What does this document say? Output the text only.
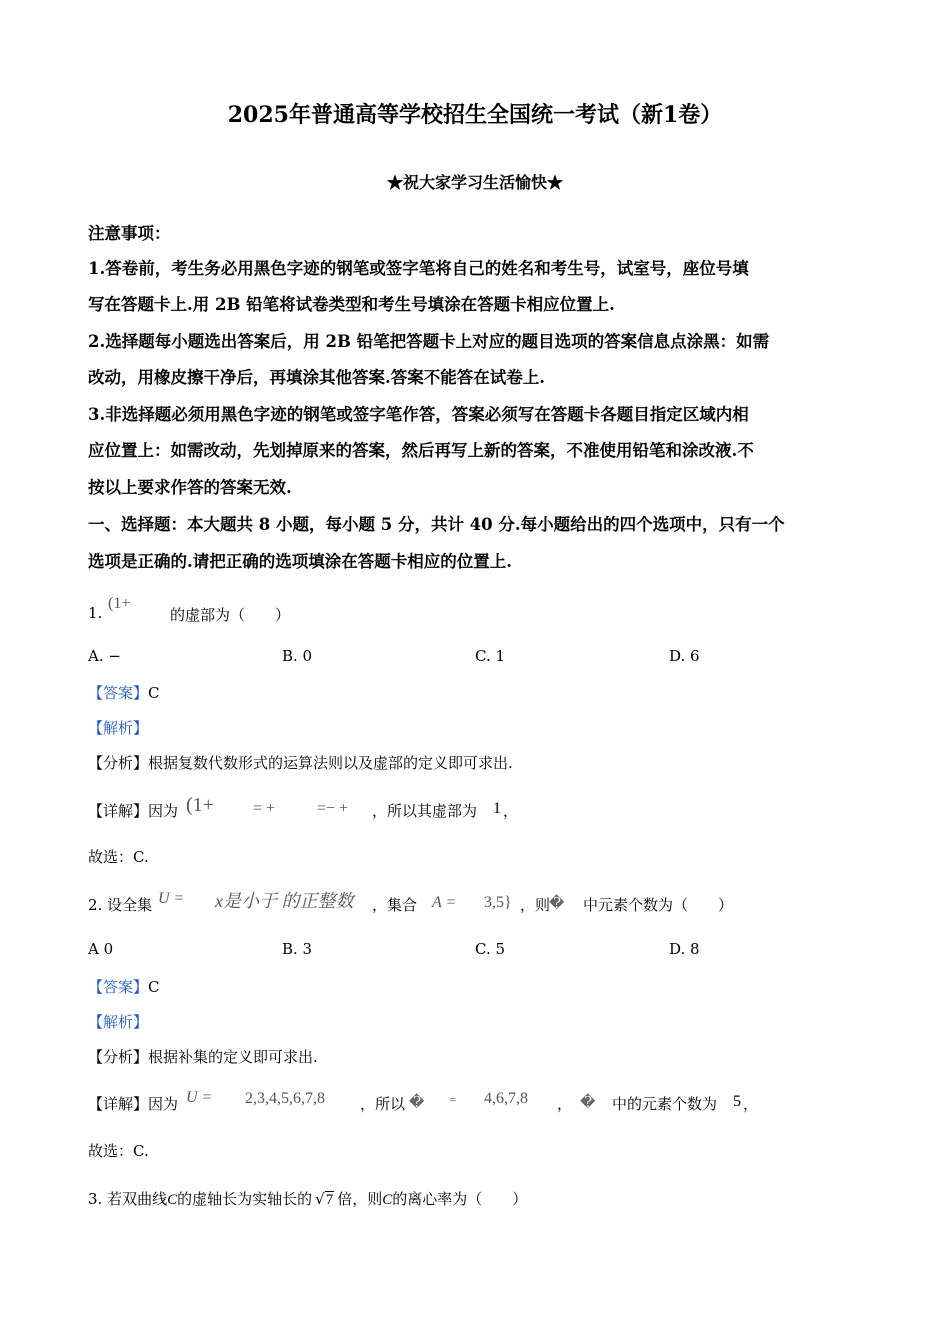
2025年普通高等学校招生全国统一考试（新1卷）
★祝大家学习生活愉快★
注意事项：
1.答卷前，考生务必用黑色字迹的钢笔或签字笔将自己的姓名和考生号，试室号，座位号填
写在答题卡上.用 2B 铅笔将试卷类型和考生号填涂在答题卡相应位置上.
2.选择题每小题选出答案后，用 2B 铅笔把答题卡上对应的题目选项的答案信息点涂黑：如需
改动，用橡皮擦干净后，再填涂其他答案.答案不能答在试卷上.
3.非选择题必须用黑色字迹的钢笔或签字笔作答，答案必须写在答题卡各题目指定区域内相
应位置上：如需改动，先划掉原来的答案，然后再写上新的答案，不准使用铅笔和涂改液.不
按以上要求作答的答案无效.
一、选择题：本大题共 8 小题，每小题 5 分，共计 40 分.每小题给出的四个选项中，只有一个
选项是正确的.请把正确的选项填涂在答题卡相应的位置上.
1.
(1+
的虚部为（　　）
A. −	B. 0	C. 1	D. 6
【答案】C
【解析】
【分析】根据复数代数形式的运算法则以及虚部的定义即可求出.
【详解】因为 (1+ = +	=− + ，所以其虚部为 1 ，
故选：C.
2. 设全集 U = x是小于 的正整数 ，集合 A = 3,5} ，则
� 中元素个数为（　　）
A 0	B. 3	C. 5	D. 8
【答案】C
【解析】
【分析】根据补集的定义即可求出.
【详解】因为 U = 2,3,4,5,6,7,8 ，所以 � = 4,6,7,8 ， � 中的元素个数为 5 ，
故选：C.
3. 若双曲线C的虚轴长为实轴长的 √7 倍，则C的离心率为（　　）
